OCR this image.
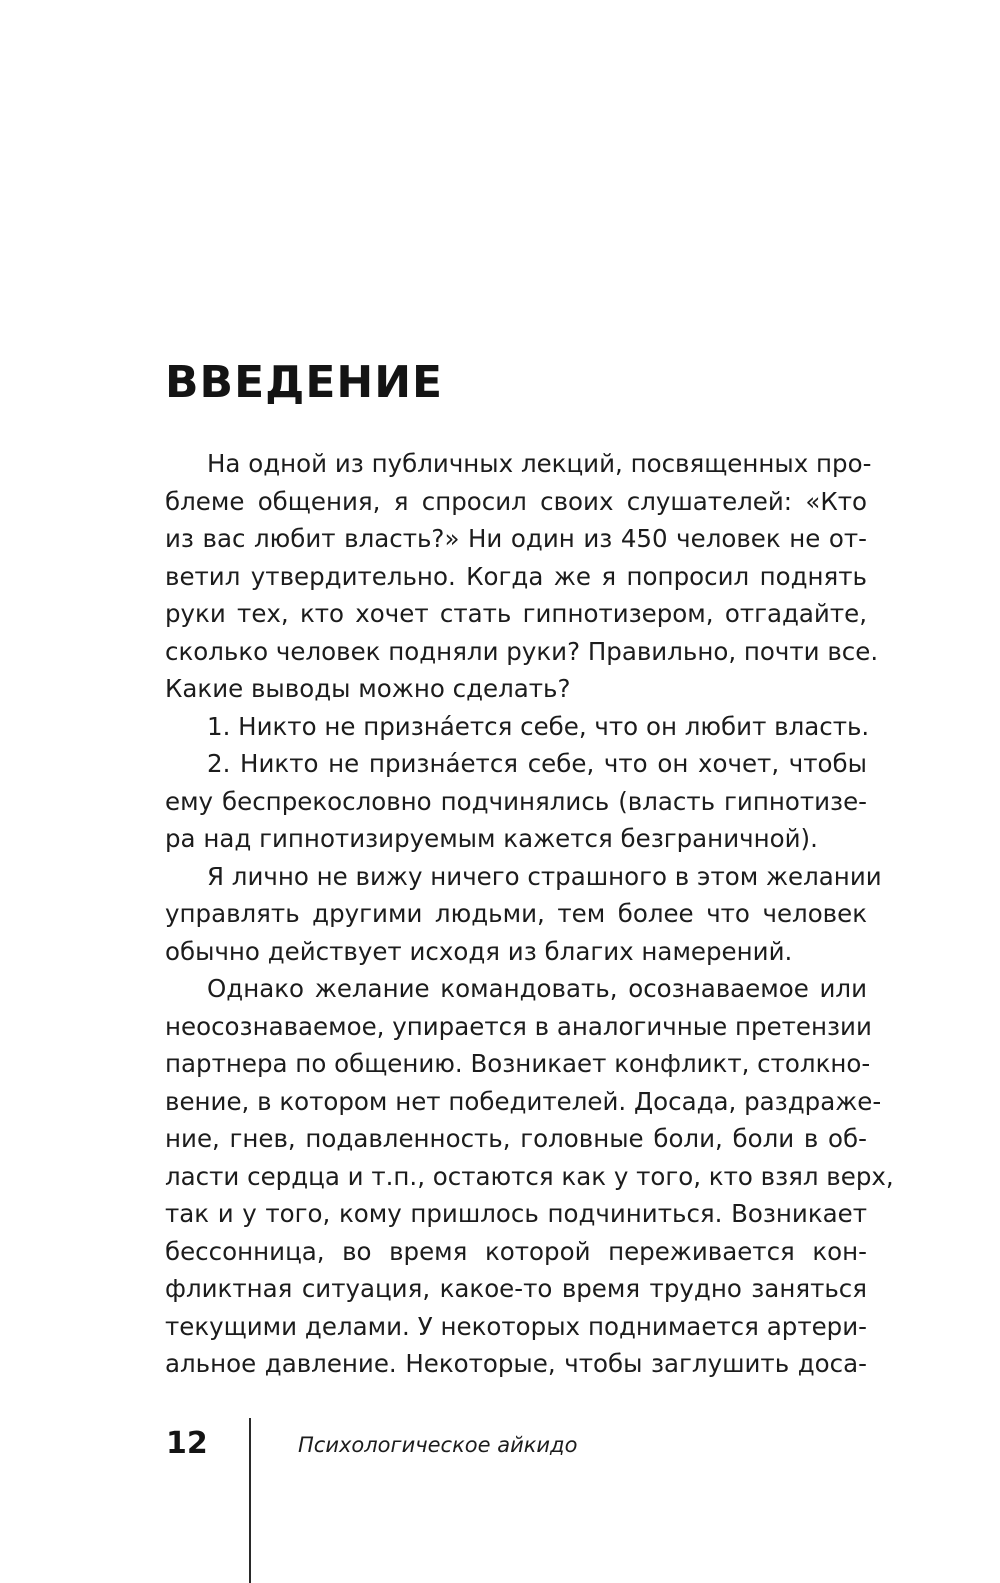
ВВЕДЕНИЕ
На одной из публичных лекций, посвященных про-
блеме общения, я спросил своих слушателей: «Кто
из вас любит власть?» Ни один из 450 человек не от-
ветил утвердительно. Когда же я попросил поднять
руки тех, кто хочет стать гипнотизером, отгадайте,
сколько человек подняли руки? Правильно, почти все.
Какие выводы можно сделать?
1. Никто не признáется себе, что он любит власть.
2. Никто не признáется себе, что он хочет, чтобы
ему беспрекословно подчинялись (власть гипнотизе-
ра над гипнотизируемым кажется безграничной).
Я лично не вижу ничего страшного в этом желании
управлять другими людьми, тем более что человек
обычно действует исходя из благих намерений.
Однако желание командовать, осознаваемое или
неосознаваемое, упирается в аналогичные претензии
партнера по общению. Возникает конфликт, столкно-
вение, в котором нет победителей. Досада, раздраже-
ние, гнев, подавленность, головные боли, боли в об-
ласти сердца и т.п., остаются как у того, кто взял верх,
так и у того, кому пришлось подчиниться. Возникает
бессонница, во время которой переживается кон-
фликтная ситуация, какое-то время трудно заняться
текущими делами. У некоторых поднимается артери-
альное давление. Некоторые, чтобы заглушить доса-
12	Психологическое айкидо
